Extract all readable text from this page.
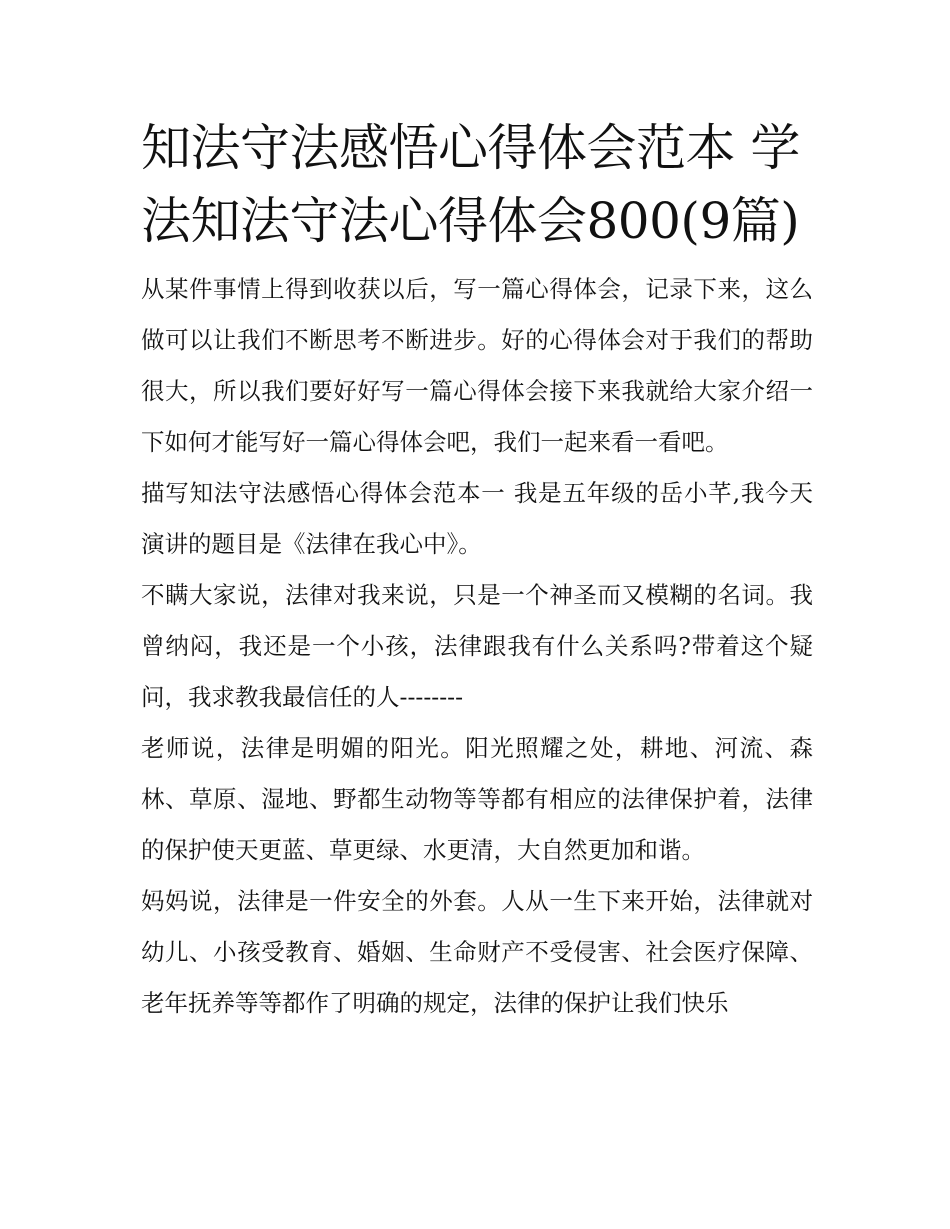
知法守法感悟心得体会范本 学
法知法守法心得体会800(9篇)

从某件事情上得到收获以后，写一篇心得体会，记录下来，这么做可以让我们不断思考不断进步。好的心得体会对于我们的帮助很大，所以我们要好好写一篇心得体会接下来我就给大家介绍一下如何才能写好一篇心得体会吧，我们一起来看一看吧。

描写知法守法感悟心得体会范本一 我是五年级的岳小芊,我今天演讲的题目是《法律在我心中》。

不瞒大家说，法律对我来说，只是一个神圣而又模糊的名词。我曾纳闷，我还是一个小孩，法律跟我有什么关系吗?带着这个疑问，我求教我最信任的人--------

老师说，法律是明媚的阳光。阳光照耀之处，耕地、河流、森林、草原、湿地、野都生动物等等都有相应的法律保护着，法律的保护使天更蓝、草更绿、水更清，大自然更加和谐。

妈妈说，法律是一件安全的外套。人从一生下来开始，法律就对幼儿、小孩受教育、婚姻、生命财产不受侵害、社会医疗保障、老年抚养等等都作了明确的规定，法律的保护让我们快乐
